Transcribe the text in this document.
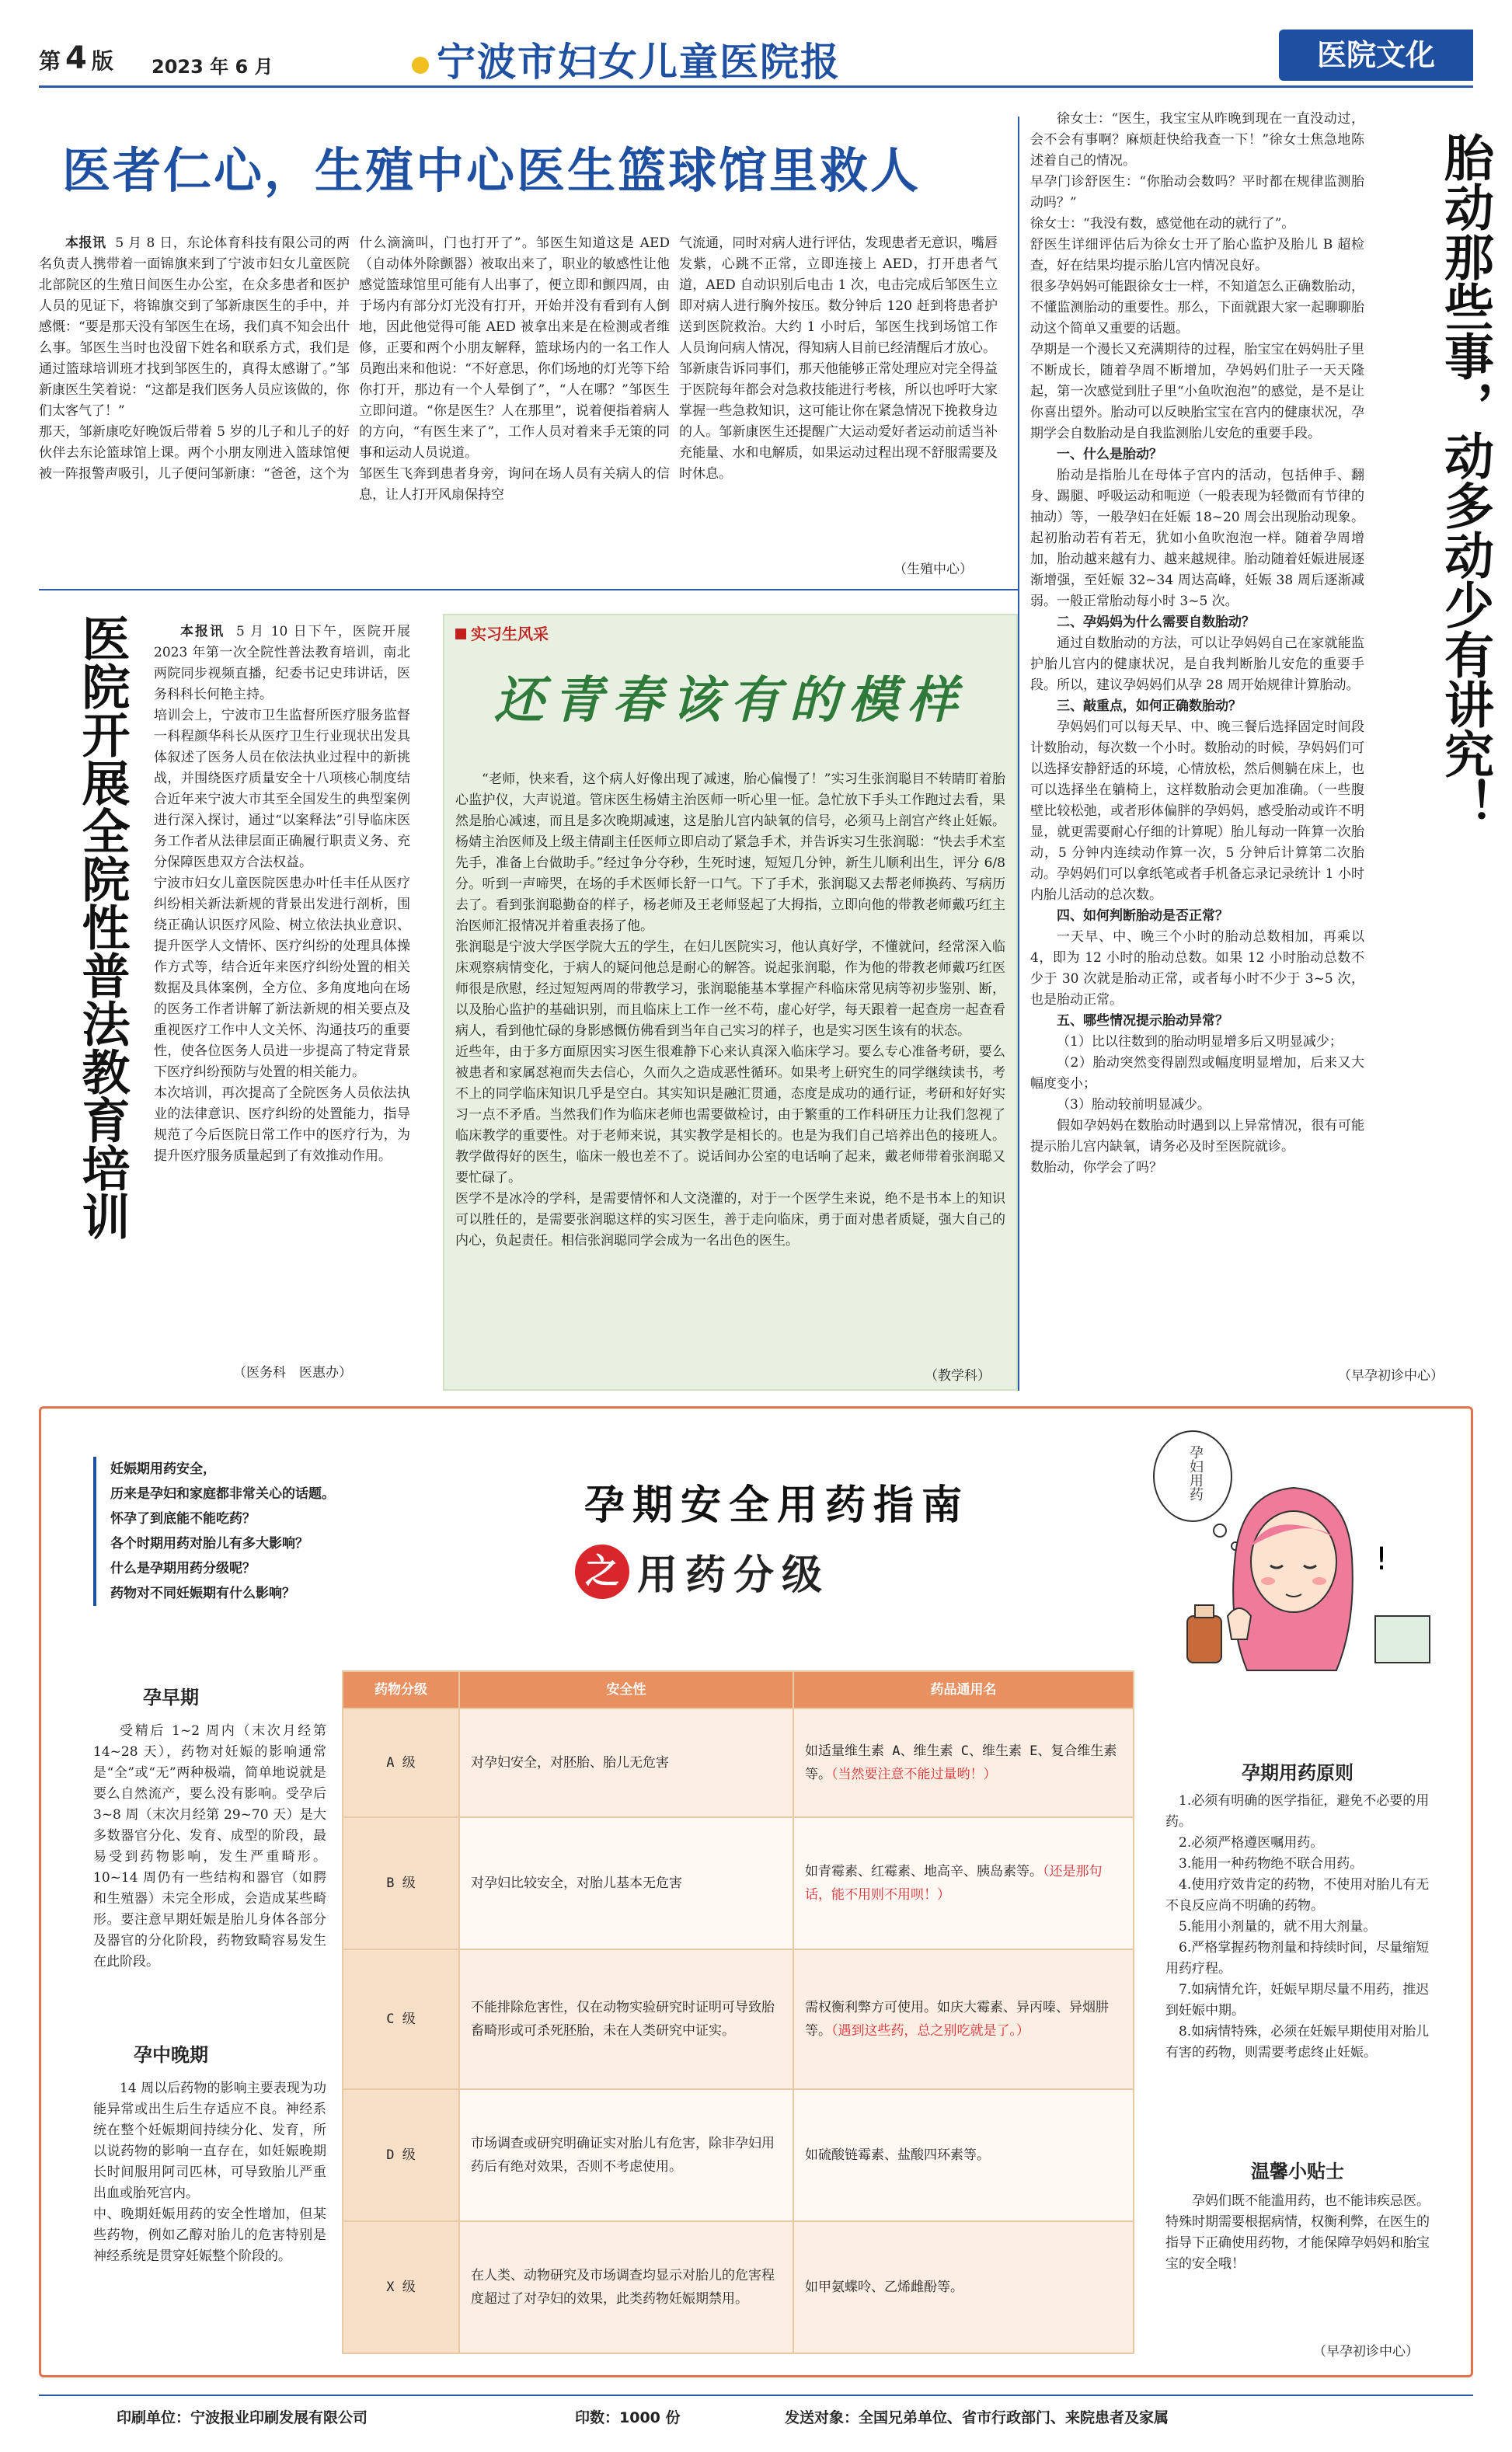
第 4 版 2023 年 6 月	宁波市妇女儿童医院报	医院文化
医者仁心，生殖中心医生篮球馆里救人

本报讯 5 月 8 日，东论体育科技有限公司的两名负责人携带着一面锦旗来到了宁波市妇女儿童医院北部院区的生殖日间医生办公室，在众多患者和医护人员的见证下，将锦旗交到了邹新康医生的手中，并感慨：“要是那天没有邹医生在场，我们真不知会出什么事。邹医生当时也没留下姓名和联系方式，我们是通过篮球培训班才找到邹医生的，真得太感谢了。”邹新康医生笑着说：“这都是我们医务人员应该做的，你们太客气了！”
那天，邹新康吃好晚饭后带着 5 岁的儿子和儿子的好伙伴去东论篮球馆上课。两个小朋友刚进入篮球馆便被一阵报警声吸引，儿子便问邹新康：“爸爸，这个为

什么滴滴叫，门也打开了”。邹医生知道这是 AED（自动体外除颤器）被取出来了，职业的敏感性让他感觉篮球馆里可能有人出事了，便立即和颤四周，由于场内有部分灯光没有打开，开始并没有看到有人倒地，因此他觉得可能 AED 被拿出来是在检测或者维修，正要和两个小朋友解释，篮球场内的一名工作人员跑出来和他说：“不好意思，你们场地的灯光等下给你打开，那边有一个人晕倒了”，“人在哪？”邹医生立即问道。“你是医生？人在那里”，说着便指着病人的方向，“有医生来了”，工作人员对着来手无策的同事和运动人员说道。
邹医生飞奔到患者身旁，询问在场人员有关病人的信息，让人打开风扇保持空

气流通，同时对病人进行评估，发现患者无意识，嘴唇发紫，心跳不正常，立即连接上 AED，打开患者气道，AED 自动识别后电击 1 次，电击完成后邹医生立即对病人进行胸外按压。数分钟后 120 赶到将患者护送到医院救治。大约 1 小时后，邹医生找到场馆工作人员询问病人情况，得知病人目前已经清醒后才放心。
邹新康告诉同事们，那天他能够正常处理应对完全得益于医院每年都会对急救技能进行考核，所以也呼吁大家掌握一些急救知识，这可能让你在紧急情况下挽救身边的人。邹新康医生还提醒广大运动爱好者运动前适当补充能量、水和电解质，如果运动过程出现不舒服需要及时休息。

（生殖中心）
医院开展全院性普法教育培训	本报讯 5 月 10 日下午，医院开展 2023 年第一次全院性普法教育培训，南北两院同步视频直播，纪委书记史玮讲话，医务科科长何艳主持。
培训会上，宁波市卫生监督所医疗服务监督一科程颜华科长从医疗卫生行业现状出发具体叙述了医务人员在依法执业过程中的新挑战，并围绕医疗质量安全十八项核心制度结合近年来宁波大市其至全国发生的典型案例进行深入探讨，通过“以案释法”引导临床医务工作者从法律层面正确履行职责义务、充分保障医患双方合法权益。
宁波市妇女儿童医院医患办叶任丰任从医疗纠纷相关新法新规的背景出发进行剖析，围绕正确认识医疗风险、树立依法执业意识、提升医学人文情怀、医疗纠纷的处理具体操作方式等，结合近年来医疗纠纷处置的相关数据及具体案例，全方位、多角度地向在场的医务工作者讲解了新法新规的相关要点及重视医疗工作中人文关怀、沟通技巧的重要性，使各位医务人员进一步提高了特定背景下医疗纠纷预防与处置的相关能力。
本次培训，再次提高了全院医务人员依法执业的法律意识、医疗纠纷的处置能力，指导规范了今后医院日常工作中的医疗行为，为提升医疗服务质量起到了有效推动作用。

（医务科　医惠办）
实习生风采
还青春该有的模样

“老师，快来看，这个病人好像出现了减速，胎心偏慢了！”实习生张润聪目不转睛盯着胎心监护仪，大声说道。管床医生杨婧主治医师一听心里一怔。急忙放下手头工作跑过去看，果然是胎心减速，而且是多次晚期减速，这是胎儿宫内缺氧的信号，必须马上剖宫产终止妊娠。杨婧主治医师及上级主倩副主任医师立即启动了紧急手术，并告诉实习生张润聪：“快去手术室先手，准备上台做助手。”经过争分夺秒，生死时速，短短几分钟，新生儿顺利出生，评分 6/8 分。听到一声啼哭，在场的手术医师长舒一口气。下了手术，张润聪又去帮老师换药、写病历去了。看到张润聪勤奋的样子，杨老师及王老师竖起了大拇指，立即向他的带教老师戴巧红主治医师汇报情况并着重表扬了他。
张润聪是宁波大学医学院大五的学生，在妇儿医院实习，他认真好学，不懂就问，经常深入临床观察病情变化，于病人的疑问他总是耐心的解答。说起张润聪，作为他的带教老师戴巧红医师很是欣慰，经过短短两周的带教学习，张润聪能基本掌握产科临床常见病等初步鉴别、断，以及胎心监护的基础识别，而且临床上工作一丝不苟，虚心好学，每天跟着一起查房一起查看病人，看到他忙碌的身影感慨仿佛看到当年自己实习的样子，也是实习医生该有的状态。
近些年，由于多方面原因实习医生很难静下心来认真深入临床学习。要么专心准备考研，要么被患者和家属怼袍而失去信心，久而久之造成恶性循环。如果考上研究生的同学继续读书，考不上的同学临床知识几乎是空白。其实知识是融汇贯通，态度是成功的通行证，考研和好好实习一点不矛盾。当然我们作为临床老师也需要做检讨，由于繁重的工作科研压力让我们忽视了临床教学的重要性。对于老师来说，其实教学是相长的。也是为我们自己培养出色的接班人。教学做得好的医生，临床一般也差不了。说话间办公室的电话响了起来，戴老师带着张润聪又要忙碌了。
医学不是冰冷的学科，是需要情怀和人文浇灌的，对于一个医学生来说，绝不是书本上的知识可以胜任的，是需要张润聪这样的实习医生，善于走向临床，勇于面对患者质疑，强大自己的内心，负起责任。相信张润聪同学会成为一名出色的医生。

（教学科）

徐女士：“医生，我宝宝从昨晚到现在一直没动过，会不会有事啊？麻烦赶快给我查一下！”徐女士焦急地陈述着自己的情况。
早孕门诊舒医生：“你胎动会数吗？平时都在规律监测胎动吗？”
徐女士：“我没有数，感觉他在动的就行了”。
舒医生详细评估后为徐女士开了胎心监护及胎儿 B 超检查，好在结果均提示胎儿宫内情况良好。
很多孕妈妈可能跟徐女士一样，不知道怎么正确数胎动，不懂监测胎动的重要性。那么，下面就跟大家一起聊聊胎动这个简单又重要的话题。
孕期是一个漫长又充满期待的过程，胎宝宝在妈妈肚子里不断成长，随着孕周不断增加，孕妈妈们肚子一天天隆起，第一次感觉到肚子里“小鱼吹泡泡”的感觉，是不是让你喜出望外。胎动可以反映胎宝宝在宫内的健康状况，孕期学会自数胎动是自我监测胎儿安危的重要手段。

一、什么是胎动？

胎动是指胎儿在母体子宫内的活动，包括伸手、翻身、踢腿、呼吸运动和呃逆（一般表现为轻微而有节律的抽动）等，一般孕妇在妊娠 18~20 周会出现胎动现象。起初胎动若有若无，犹如小鱼吹泡泡一样。随着孕周增加，胎动越来越有力、越来越规律。胎动随着妊娠进展逐渐增强，至妊娠 32~34 周达高峰，妊娠 38 周后逐渐减弱。一般正常胎动每小时 3~5 次。

二、孕妈妈为什么需要自数胎动？

通过自数胎动的方法，可以让孕妈妈自己在家就能监护胎儿宫内的健康状况，是自我判断胎儿安危的重要手段。所以，建议孕妈妈们从孕 28 周开始规律计算胎动。

三、敲重点，如何正确数胎动？

孕妈妈们可以每天早、中、晚三餐后选择固定时间段计数胎动，每次数一个小时。数胎动的时候，孕妈妈们可以选择安静舒适的环境，心情放松，然后侧躺在床上，也可以选择坐在躺椅上，这样数胎动会更加准确。（一些腹壁比较松弛，或者形体偏胖的孕妈妈，感受胎动或许不明显，就更需要耐心仔细的计算呢）胎儿每动一阵算一次胎动，5 分钟内连续动作算一次，5 分钟后计算第二次胎动。孕妈妈们可以拿纸笔或者手机备忘录记录统计 1 小时内胎儿活动的总次数。

四、如何判断胎动是否正常？

一天早、中、晚三个小时的胎动总数相加，再乘以 4，即为 12 小时的胎动总数。如果 12 小时胎动总数不少于 30 次就是胎动正常，或者每小时不少于 3~5 次，也是胎动正常。

五、哪些情况提示胎动异常？

（1）比以往数到的胎动明显增多后又明显减少；

（2）胎动突然变得剧烈或幅度明显增加，后来又大幅度变小；

（3）胎动较前明显减少。

假如孕妈妈在数胎动时遇到以上异常情况，很有可能提示胎儿宫内缺氧，请务必及时至医院就诊。
数胎动，你学会了吗？

（早孕初诊中心）
胎动那些事，动多动少有讲究！
妊娠期用药安全，
历来是孕妇和家庭都非常关心的话题。
怀孕了到底能不能吃药？
各个时期用药对胎儿有多大影响？
什么是孕期用药分级呢？
药物对不同妊娠期有什么影响？
孕期安全用药指南
之 用药分级	!
孕妇用药
孕早期

受精后 1~2 周内（末次月经第 14~28 天），药物对妊娠的影响通常是“全”或“无”两种极端，简单地说就是要么自然流产，要么没有影响。受孕后 3~8 周（末次月经第 29~70 天）是大多数器官分化、发育、成型的阶段，最易受到药物影响，发生严重畸形。10~14 周仍有一些结构和器官（如腭和生殖器）未完全形成，会造成某些畸形。要注意早期妊娠是胎儿身体各部分及器官的分化阶段，药物致畸容易发生在此阶段。

孕中晚期

14 周以后药物的影响主要表现为功能异常或出生后生存适应不良。神经系统在整个妊娠期间持续分化、发育，所以说药物的影响一直存在，如妊娠晚期长时间服用阿司匹林，可导致胎儿严重出血或胎死宫内。
中、晚期妊娠用药的安全性增加，但某些药物，例如乙醇对胎儿的危害特别是神经系统是贯穿妊娠整个阶段的。

药物分级	安全性	药品通用名
A 级	对孕妇安全，对胚胎、胎儿无危害	如适量维生素 A、维生素 C、维生素 E、复合维生素等。（当然要注意不能过量哟！）
B 级	对孕妇比较安全，对胎儿基本无危害	如青霉素、红霉素、地高辛、胰岛素等。（还是那句话，能不用则不用呗！）
C 级	不能排除危害性，仅在动物实验研究时证明可导致胎畜畸形或可杀死胚胎，未在人类研究中证实。	需权衡利弊方可使用。如庆大霉素、异丙嗪、异烟肼等。（遇到这些药，总之别吃就是了。）
D 级	市场调查或研究明确证实对胎儿有危害，除非孕妇用药后有绝对效果，否则不考虑使用。	如硫酸链霉素、盐酸四环素等。
X 级	在人类、动物研究及市场调查均显示对胎儿的危害程度超过了对孕妇的效果，此类药物妊娠期禁用。	如甲氨蝶呤、乙烯雌酚等。
孕期用药原则
1.必须有明确的医学指征，避免不必要的用药。
2.必须严格遵医嘱用药。
3.能用一种药物绝不联合用药。
4.使用疗效肯定的药物，不使用对胎儿有无不良反应尚不明确的药物。
5.能用小剂量的，就不用大剂量。
6.严格掌握药物剂量和持续时间，尽量缩短用药疗程。
7.如病情允许，妊娠早期尽量不用药，推迟到妊娠中期。
8.如病情特殊，必须在妊娠早期使用对胎儿有害的药物，则需要考虑终止妊娠。
温馨小贴士

孕妈们既不能滥用药，也不能讳疾忌医。
特殊时期需要根据病情，权衡利弊，在医生的指导下正确使用药物，才能保障孕妈妈和胎宝宝的安全哦！

（早孕初诊中心）
印刷单位：宁波报业印刷发展有限公司	印数：1000 份	发送对象：全国兄弟单位、省市行政部门、来院患者及家属
